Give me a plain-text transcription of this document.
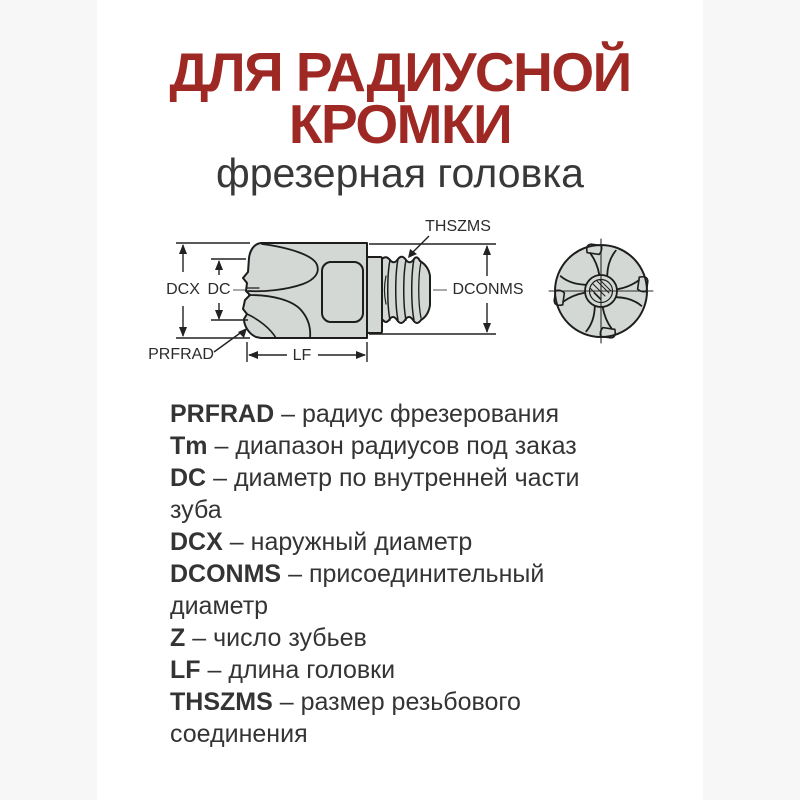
ДЛЯ РАДИУСНОЙ
КРОМКИ
фрезерная головка
DCX DC	DCONMS
LF
PRFRAD
THSZMS
PRFRAD – радиус фрезерования
Tm – диапазон радиусов под заказ
DC – диаметр по внутренней части зуба
DCX – наружный диаметр
DCONMS – присоединительный диаметр
Z – число зубьев
LF – длина головки
THSZMS – размер резьбового соединения
